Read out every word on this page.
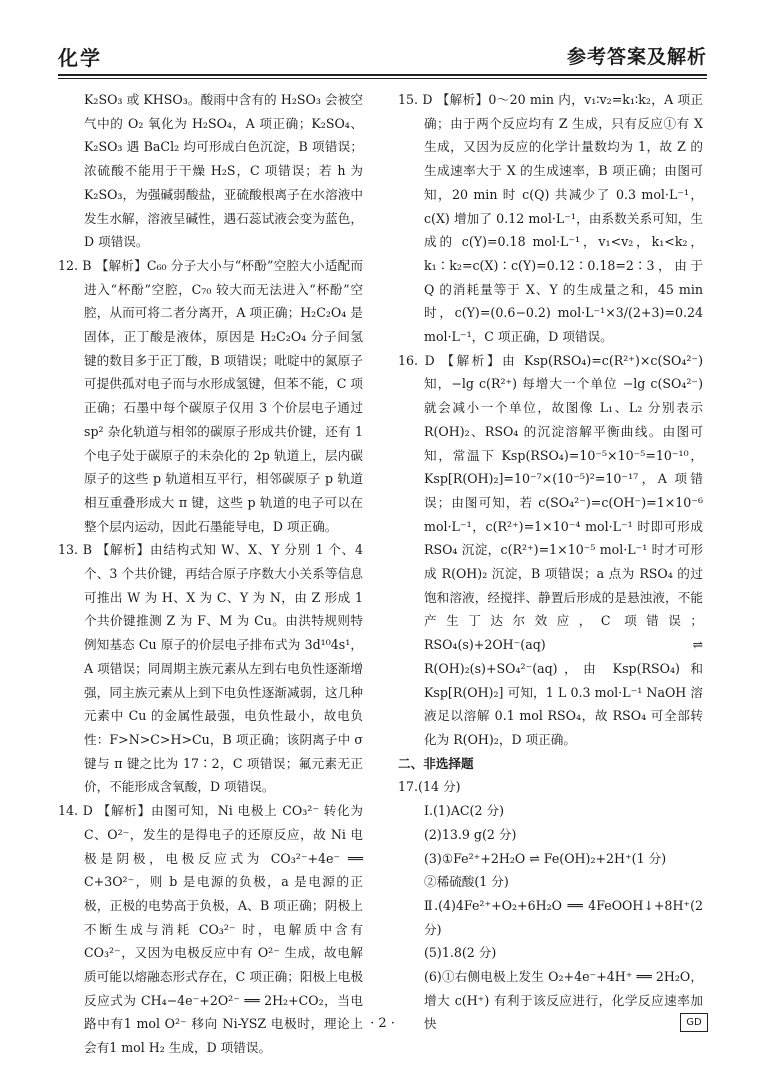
化学	参考答案及解析

K₂SO₃ 或 KHSO₃。酸雨中含有的 H₂SO₃ 会被空气中的 O₂ 氧化为 H₂SO₄，A 项正确；K₂SO₄、K₂SO₃ 遇 BaCl₂ 均可形成白色沉淀，B 项错误；浓硫酸不能用于干燥 H₂S，C 项错误；若 h 为 K₂SO₃，为强碱弱酸盐，亚硫酸根离子在水溶液中发生水解，溶液呈碱性，遇石蕊试液会变为蓝色，D 项错误。

12. B 【解析】C₆₀ 分子大小与“杯酚”空腔大小适配而进入“杯酚”空腔，C₇₀ 较大而无法进入“杯酚”空腔，从而可将二者分离开，A 项正确；H₂C₂O₄ 是固体，正丁酸是液体，原因是 H₂C₂O₄ 分子间氢键的数目多于正丁酸，B 项错误；吡啶中的氮原子可提供孤对电子而与水形成氢键，但苯不能，C 项正确；石墨中每个碳原子仅用 3 个价层电子通过 sp² 杂化轨道与相邻的碳原子形成共价键，还有 1 个电子处于碳原子的未杂化的 2p 轨道上，层内碳原子的这些 p 轨道相互平行，相邻碳原子 p 轨道相互重叠形成大 π 键，这些 p 轨道的电子可以在整个层内运动，因此石墨能导电，D 项正确。

13. B 【解析】由结构式知 W、X、Y 分别 1 个、4 个、3 个共价键，再结合原子序数大小关系等信息可推出 W 为 H、X 为 C、Y 为 N，由 Z 形成 1 个共价键推测 Z 为 F、M 为 Cu。由洪特规则特例知基态 Cu 原子的价层电子排布式为 3d¹⁰4s¹，A 项错误；同周期主族元素从左到右电负性逐渐增强，同主族元素从上到下电负性逐渐减弱，这几种元素中 Cu 的金属性最强，电负性最小，故电负性：F>N>C>H>Cu，B 项正确；该阴离子中 σ 键与 π 键之比为 17∶2，C 项错误；氟元素无正价，不能形成含氧酸，D 项错误。

14. D 【解析】由图可知，Ni 电极上 CO₃²⁻ 转化为 C、O²⁻，发生的是得电子的还原反应，故 Ni 电极是阴极，电极反应式为 CO₃²⁻+4e⁻ ══ C+3O²⁻，则 b 是电源的负极，a 是电源的正极，正极的电势高于负极，A、B 项正确；阴极上不断生成与消耗 CO₃²⁻ 时，电解质中含有 CO₃²⁻，又因为电极反应中有 O²⁻ 生成，故电解质可能以熔融态形式存在，C 项正确；阳极上电极反应式为 CH₄−4e⁻+2O²⁻ ══ 2H₂+CO₂，当电路中有1 mol O²⁻ 移向 Ni-YSZ 电极时，理论上会有1 mol H₂ 生成，D 项错误。

15. D 【解析】0～20 min 内，v₁∶v₂=k₁∶k₂，A 项正确；由于两个反应均有 Z 生成，只有反应①有 X 生成，又因为反应的化学计量数均为 1，故 Z 的生成速率大于 X 的生成速率，B 项正确；由图可知，20 min 时 c(Q) 共减少了 0.3 mol·L⁻¹，c(X) 增加了 0.12 mol·L⁻¹，由系数关系可知，生成的 c(Y)=0.18 mol·L⁻¹，v₁<v₂，k₁<k₂，k₁∶k₂=c(X)∶c(Y)=0.12∶0.18=2∶3，由于 Q 的消耗量等于 X、Y 的生成量之和，45 min 时，c(Y)=(0.6−0.2) mol·L⁻¹×3/(2+3)=0.24 mol·L⁻¹，C 项正确，D 项错误。

16. D 【解析】由 Ksp(RSO₄)=c(R²⁺)×c(SO₄²⁻) 知，−lg c(R²⁺) 每增大一个单位 −lg c(SO₄²⁻) 就会减小一个单位，故图像 L₁、L₂ 分别表示 R(OH)₂、RSO₄ 的沉淀溶解平衡曲线。由图可知，常温下 Ksp(RSO₄)=10⁻⁵×10⁻⁵=10⁻¹⁰，Ksp[R(OH)₂]=10⁻⁷×(10⁻⁵)²=10⁻¹⁷，A 项错误；由图可知，若 c(SO₄²⁻)=c(OH⁻)=1×10⁻⁶ mol·L⁻¹，c(R²⁺)=1×10⁻⁴ mol·L⁻¹ 时即可形成 RSO₄ 沉淀，c(R²⁺)=1×10⁻⁵ mol·L⁻¹ 时才可形成 R(OH)₂ 沉淀，B 项错误；a 点为 RSO₄ 的过饱和溶液，经搅拌、静置后形成的是悬浊液，不能产生丁达尔效应，C 项错误；RSO₄(s)+2OH⁻(aq) ⇌ R(OH)₂(s)+SO₄²⁻(aq)，由 Ksp(RSO₄) 和 Ksp[R(OH)₂] 可知，1 L 0.3 mol·L⁻¹ NaOH 溶液足以溶解 0.1 mol RSO₄，故 RSO₄ 可全部转化为 R(OH)₂，D 项正确。

二、非选择题

17.(14 分)

Ⅰ.(1)AC(2 分)

(2)13.9 g(2 分)

(3)①Fe²⁺+2H₂O ⇌ Fe(OH)₂+2H⁺(1 分)

②稀硫酸(1 分)

Ⅱ.(4)4Fe²⁺+O₂+6H₂O ══ 4FeOOH↓+8H⁺(2 分)

(5)1.8(2 分)

(6)①右侧电极上发生 O₂+4e⁻+4H⁺ ══ 2H₂O，增大 c(H⁺) 有利于该反应进行，化学反应速率加快

· 2 ·	GD
